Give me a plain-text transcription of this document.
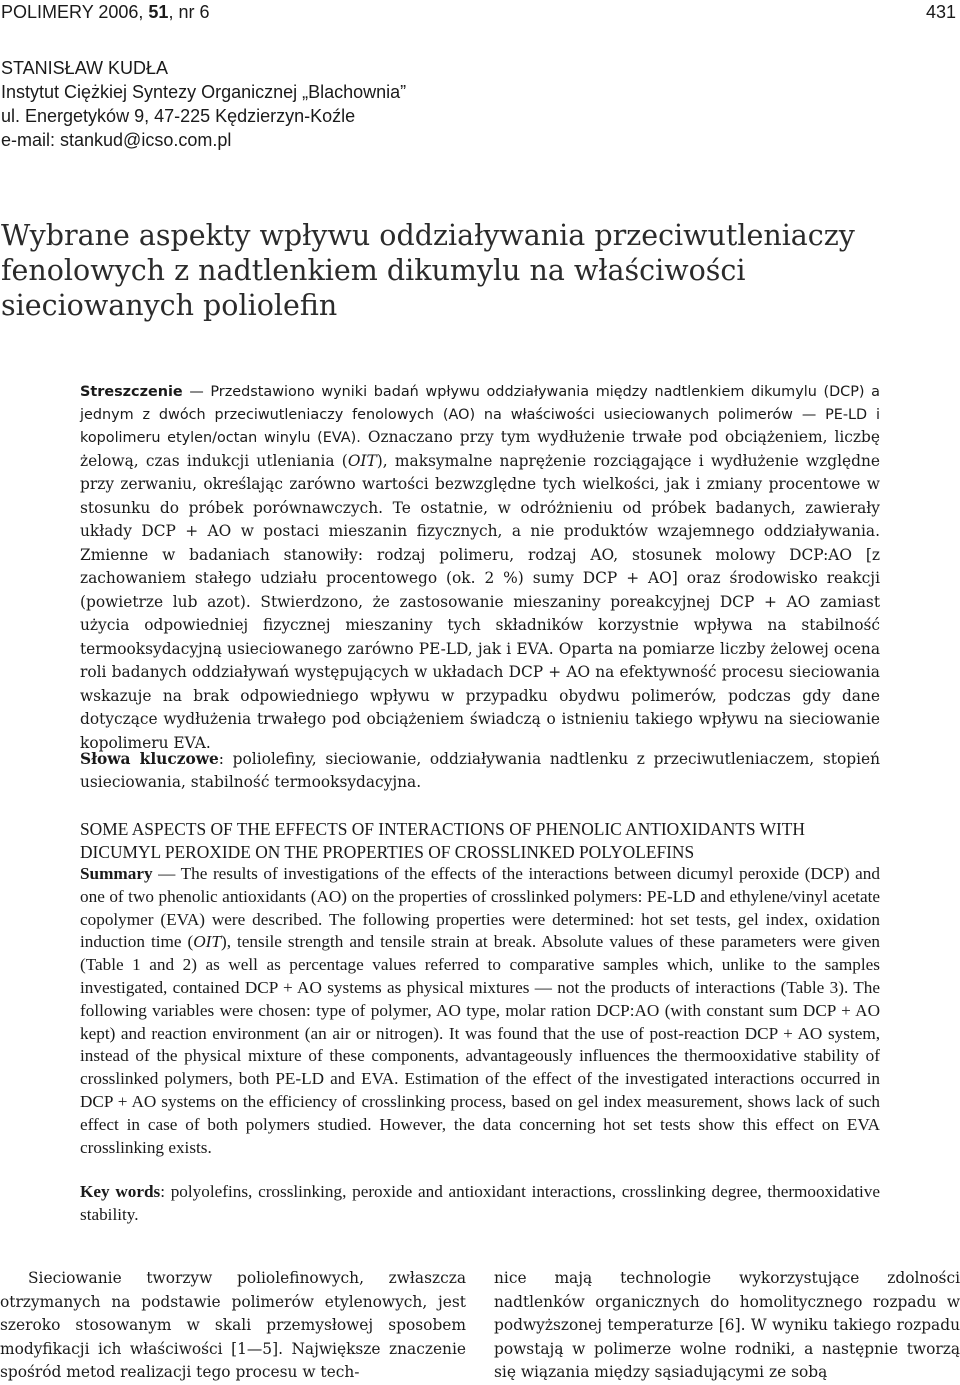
POLIMERY 2006, 51, nr 6	431
STANISŁAW KUDŁA
Instytut Ciężkiej Syntezy Organicznej „Blachownia”
ul. Energetyków 9, 47-225 Kędzierzyn-Koźle
e-mail: stankud@icso.com.pl
Wybrane aspekty wpływu oddziaływania przeciwutleniaczy
fenolowych z nadtlenkiem dikumylu na właściwości
sieciowanych poliolefin
Streszczenie — Przedstawiono wyniki badań wpływu oddziaływania między nadtlenkiem dikumylu (DCP) a jednym z dwóch przeciwutleniaczy fenolowych (AO) na właściwości usieciowanych polimerów — PE-LD i kopolimeru etylen/octan winylu (EVA). Oznaczano przy tym wydłużenie trwałe pod obciążeniem, liczbę żelową, czas indukcji utleniania (OIT), maksymalne naprężenie rozciągające i wydłużenie względne przy zerwaniu, określając zarówno wartości bezwzględne tych wielkości, jak i zmiany procentowe w stosunku do próbek porównawczych. Te ostatnie, w odróżnieniu od próbek badanych, zawierały układy DCP + AO w postaci mieszanin fizycznych, a nie produktów wzajemnego oddziaływania. Zmienne w badaniach stanowiły: rodzaj polimeru, rodzaj AO, stosunek molowy DCP:AO [z zachowaniem stałego udziału procentowego (ok. 2 %) sumy DCP + AO] oraz środowisko reakcji (powietrze lub azot). Stwierdzono, że zastosowanie mieszaniny poreakcyjnej DCP + AO zamiast użycia odpowiedniej fizycznej mieszaniny tych składników korzystnie wpływa na stabilność termooksydacyjną usieciowanego zarówno PE-LD, jak i EVA. Oparta na pomiarze liczby żelowej ocena roli badanych oddziaływań występujących w układach DCP + AO na efektywność procesu sieciowania wskazuje na brak odpowiedniego wpływu w przypadku obydwu polimerów, podczas gdy dane dotyczące wydłużenia trwałego pod obciążeniem świadczą o istnieniu takiego wpływu na sieciowanie kopolimeru EVA.
Słowa kluczowe: poliolefiny, sieciowanie, oddziaływania nadtlenku z przeciwutleniaczem, stopień usieciowania, stabilność termooksydacyjna.
SOME ASPECTS OF THE EFFECTS OF INTERACTIONS OF PHENOLIC ANTIOXIDANTS WITH
DICUMYL PEROXIDE ON THE PROPERTIES OF CROSSLINKED POLYOLEFINS
Summary — The results of investigations of the effects of the interactions between dicumyl peroxide (DCP) and one of two phenolic antioxidants (AO) on the properties of crosslinked polymers: PE-LD and ethylene/vinyl acetate copolymer (EVA) were described. The following properties were determined: hot set tests, gel index, oxidation induction time (OIT), tensile strength and tensile strain at break. Absolute values of these parameters were given (Table 1 and 2) as well as percentage values referred to comparative samples which, unlike to the samples investigated, contained DCP + AO systems as physical mixtures — not the products of interactions (Table 3). The following variables were chosen: type of polymer, AO type, molar ration DCP:AO (with constant sum DCP + AO kept) and reaction environment (an air or nitrogen). It was found that the use of post-reaction DCP + AO system, instead of the physical mixture of these components, advantageously influences the thermooxidative stability of crosslinked polymers, both PE-LD and EVA. Estimation of the effect of the investigated interactions occurred in DCP + AO systems on the efficiency of crosslinking process, based on gel index measurement, shows lack of such effect in case of both polymers studied. However, the data concerning hot set tests show this effect on EVA crosslinking exists.
Key words: polyolefins, crosslinking, peroxide and antioxidant interactions, crosslinking degree, thermooxidative stability.
Sieciowanie tworzyw poliolefinowych, zwłaszcza otrzymanych na podstawie polimerów etylenowych, jest szeroko stosowanym w skali przemysłowej sposobem modyfikacji ich właściwości [1—5]. Największe znaczenie spośród metod realizacji tego procesu w tech-
nice mają technologie wykorzystujące zdolności nadtlenków organicznych do homolitycznego rozpadu w podwyższonej temperaturze [6]. W wyniku takiego rozpadu powstają w polimerze wolne rodniki, a następnie tworzą się wiązania między sąsiadującymi ze sobą
